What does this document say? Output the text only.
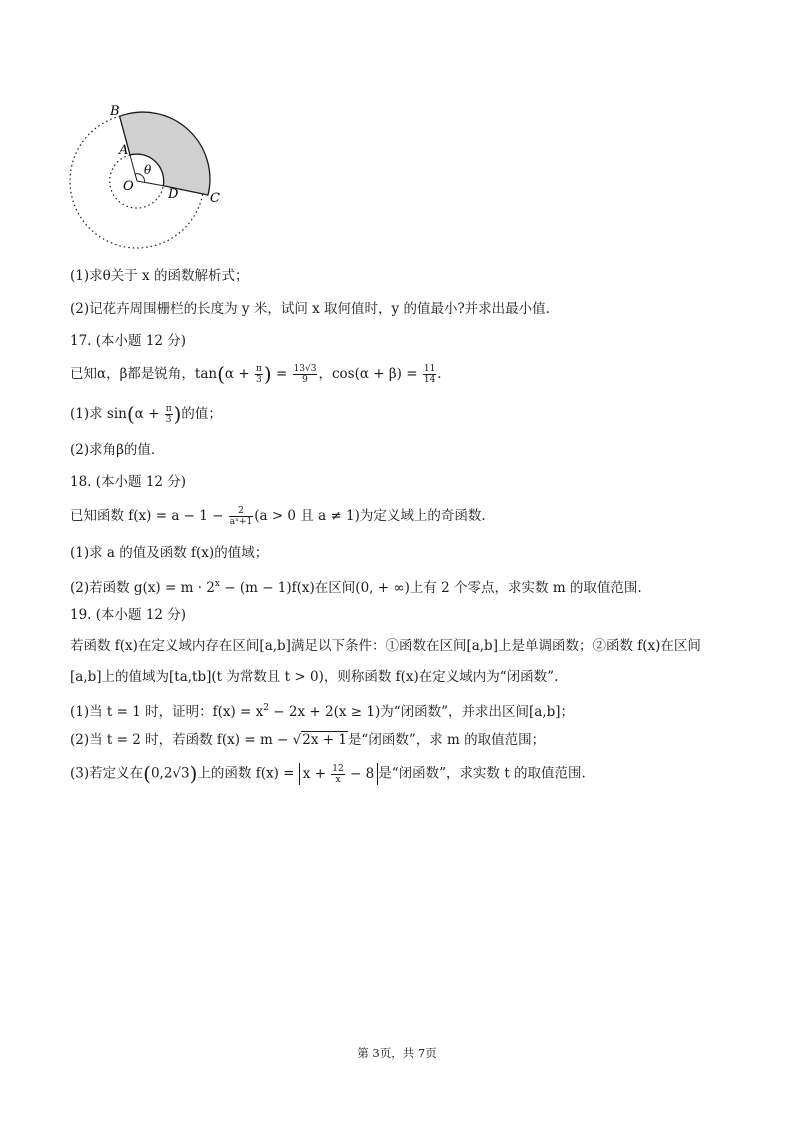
B
A
θ
O
D C
(1)求θ关于 x 的函数解析式；
(2)记花卉周围栅栏的长度为 y 米，试问 x 取何值时，y 的值最小?并求出最小值.
17. (本小题 12 分)
已知α，β都是锐角，$\tan(\alpha + \frac{\pi}{3}$ ) = $\frac{13√3}{9}$ ，$\cos(\alpha + \beta) = \frac{11}{14}$ .
(1)求 $\sin(\alpha + \frac{\pi}{3}$ )的值；
(2)求角β的值.
18. (本小题 12 分)
已知函数 $f(x) = a - 1 - \frac{2}{\text{aˣ+1}} (a > 0$ 且 a ≠ 1)为定义域上的奇函数.
(1)求 a 的值及函数 f(x)的值域；
(2)若函数 $g(x) = m \cdot 2^x - (m - 1)f(x)$在区间(0, + ∞)上有 2 个零点，求实数 m 的取值范围.
19. (本小题 12 分)
若函数 f(x)在定义域内存在区间[a,b]满足以下条件：①函数在区间[a,b]上是单调函数；②函数 f(x)在区间
[a,b]上的值域为[ta,tb](t 为常数且 t > 0)，则称函数 f(x)在定义域内为“闭函数”.
(1)当 t = 1 时，证明：$f(x) = x^2 - 2x + 2(x \ge 1)$为“闭函数”，并求出区间[a,b]；
(2)当 t = 2 时，若函数 f(x) = m − √2x + 1是“闭函数”，求 m 的取值范围；
(3)若定义在(0,2√3)上的函数 $f(x) = x + \frac{12}{x} - 8$ 是“闭函数”，求实数 t 的取值范围.
第 3页，共 7页
